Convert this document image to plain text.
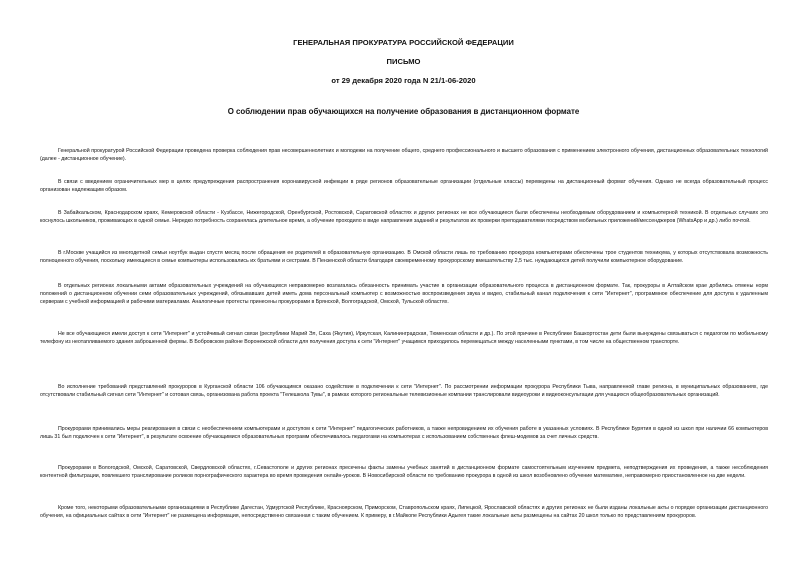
ГЕНЕРАЛЬНАЯ ПРОКУРАТУРА РОССИЙСКОЙ ФЕДЕРАЦИИ
ПИСЬМО
от 29 декабря 2020 года N 21/1-06-2020
О соблюдении прав обучающихся на получение образования в дистанционном формате

Генеральной прокуратурой Российской Федерации проведена проверка соблюдения прав несовершеннолетних и молодежи на получение общего, среднего профессионального и высшего образования с применением электронного обучения, дистанционных образовательных технологий (далее - дистанционное обучение).

В связи с введением ограничительных мер в целях предупреждения распространения коронавирусной инфекции в ряде регионов образовательные организации (отдельные классы) переведены на дистанционный формат обучения. Однако не всегда образовательный процесс организован надлежащим образом.

В Забайкальском, Краснодарском краях, Кемеровской области - Кузбассе, Нижегородской, Оренбургской, Ростовской, Саратовской областях и других регионах не все обучающиеся были обеспечены необходимым оборудованием и компьютерной техникой. В отдельных случаях это коснулось школьников, проживающих в одной семье. Нередко потребность сохранялась длительное время, а обучение проходило в виде направления заданий и результатов их проверки преподавателями посредством мобильных приложений/мессенджеров (WhatsApp и др.) либо почтой.

В г.Москве учащийся из многодетной семьи ноутбук выдан спустя месяц после обращения ее родителей в образовательную организацию. В Омской области лишь по требованию прокурора компьютерами обеспечены трое студентов техникума, у которых отсутствовала возможность полноценного обучения, поскольку имеющиеся в семье компьютеры использовались их братьями и сестрами. В Пензенской области благодаря своевременному прокурорскому вмешательству 2,5 тыс. нуждающихся детей получили компьютерное оборудование.

В отдельных регионах локальными актами образовательных учреждений на обучающихся неправомерно возлагалась обязанность принимать участие в организации образовательного процесса в дистанционном формате. Так, прокуроры в Алтайском крае добились отмены норм положений о дистанционном обучении семи образовательных учреждений, обязывавших детей иметь дома персональный компьютер с возможностью воспроизведения звука и видео, стабильный канал подключения к сети "Интернет", программное обеспечение для доступа к удаленным серверам с учебной информацией и рабочими материалами. Аналогичные протесты принесены прокурорами в Брянской, Волгоградской, Омской, Тульской областях.

Не все обучающиеся имели доступ к сети "Интернет" и устойчивый сигнал связи (республики Марий Эл, Саха (Якутия), Иркутская, Калининградская, Тюменская области и др.). По этой причине в Республике Башкортостан дети были вынуждены связываться с педагогом по мобильному телефону из неотапливаемого здания заброшенной фермы. В Бобровском районе Воронежской области для получения доступа к сети "Интернет" учащимся приходилось перемещаться между населенными пунктами, в том числе на общественном транспорте.

Во исполнение требований представлений прокуроров в Курганской области 106 обучающимся оказано содействие в подключении к сети "Интернет". По рассмотрении информации прокурора Республики Тыва, направленной главе региона, в муниципальных образованиях, где отсутствовали стабильный сигнал сети "Интернет" и сотовая связь, организована работа проекта "Телешкола Тувы", в рамках которого региональные телевизионные компании транслировали видеоуроки и видеоконсультации для учащихся общеобразовательных организаций.

Прокурорами принимались меры реагирования в связи с необеспечением компьютерами и доступом к сети "Интернет" педагогических работников, а также непровидением их обучения работе в указанных условиях. В Республике Бурятия в одной из школ при наличии 66 компьютеров лишь 31 был подключен к сети "Интернет", в результате освоение обучающимися образовательных программ обеспечивалось педагогами на компьютерах с использованием собственных флеш-модемов за счет личных средств.

Прокурорами в Вологодской, Омской, Саратовской, Свердловской областях, г.Севастополе и других регионах пресечены факты замены учебных занятий в дистанционном формате самостоятельным изучением предмета, неподтверждения их проведения, а также несоблюдения контентной фильтрации, повлекшего транслирование роликов порнографического характера во время проведения онлайн-уроков. В Новосибирской области по требованию прокурора в одной из школ возобновлено обучение математике, неправомерно приостановленное на две недели.

Кроме того, некоторыми образовательными организациями в Республике Дагестан, Удмуртской Республике, Красноярском, Приморском, Ставропольском краях, Липецкой, Ярославской областях и других регионах не были изданы локальные акты о порядке организации дистанционного обучения, на официальных сайтах в сети "Интернет" не размещена информация, непосредственно связанная с таким обучением. К примеру, в г.Майкопе Республики Адыгея такие локальные акты размещены на сайтах 20 школ только по представлениям прокуроров.
